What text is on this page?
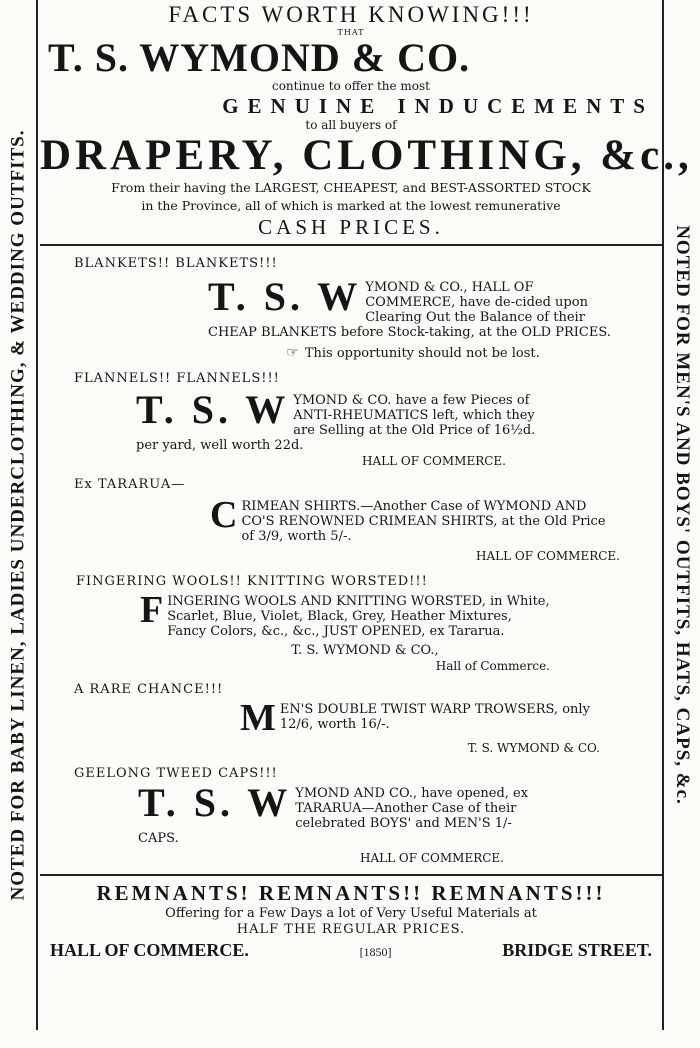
NOTED FOR BABY LINEN, LADIES UNDERCLOTHING, & WEDDING OUTFITS.	NOTED FOR MEN'S AND BOYS' OUTFITS, HATS, CAPS, &c.
FACTS WORTH KNOWING!!!
THAT
T. S. WYMOND & CO.
continue to offer the most
GENUINE INDUCEMENTS
to all buyers of
DRAPERY, CLOTHING, &c.,
From their having the LARGEST, CHEAPEST, and BEST-ASSORTED STOCK
in the Province, all of which is marked at the lowest remunerative
CASH PRICES.
BLANKETS!! BLANKETS!!!
T. S. W YMOND & CO., HALL OF COMMERCE, have de-cided upon Clearing Out the Balance of their CHEAP BLANKETS before Stock-taking, at the OLD PRICES.
☞ This opportunity should not be lost.
FLANNELS!! FLANNELS!!!
T. S. W YMOND & CO. have a few Pieces of ANTI-RHEUMATICS left, which they are Selling at the Old Price of 16½d. per yard, well worth 22d.
HALL OF COMMERCE.
Ex TARARUA—
C RIMEAN SHIRTS.—Another Case of WYMOND AND CO'S RENOWNED CRIMEAN SHIRTS, at the Old Price of 3/9, worth 5/-.
HALL OF COMMERCE.
FINGERING WOOLS!! KNITTING WORSTED!!!
F INGERING WOOLS AND KNITTING WORSTED, in White, Scarlet, Blue, Violet, Black, Grey, Heather Mixtures, Fancy Colors, &c., &c., JUST OPENED, ex Tararua.
T. S. WYMOND & CO.,
Hall of Commerce.
A RARE CHANCE!!!
M EN'S DOUBLE TWIST WARP TROWSERS, only 12/6, worth 16/-.
T. S. WYMOND & CO.
GEELONG TWEED CAPS!!!
T. S. W YMOND AND CO., have opened, ex TARARUA—Another Case of their celebrated BOYS' and MEN'S 1/- CAPS.
HALL OF COMMERCE.
REMNANTS! REMNANTS!! REMNANTS!!!
Offering for a Few Days a lot of Very Useful Materials at
HALF THE REGULAR PRICES.
HALL OF COMMERCE.	[1850]	BRIDGE STREET.
